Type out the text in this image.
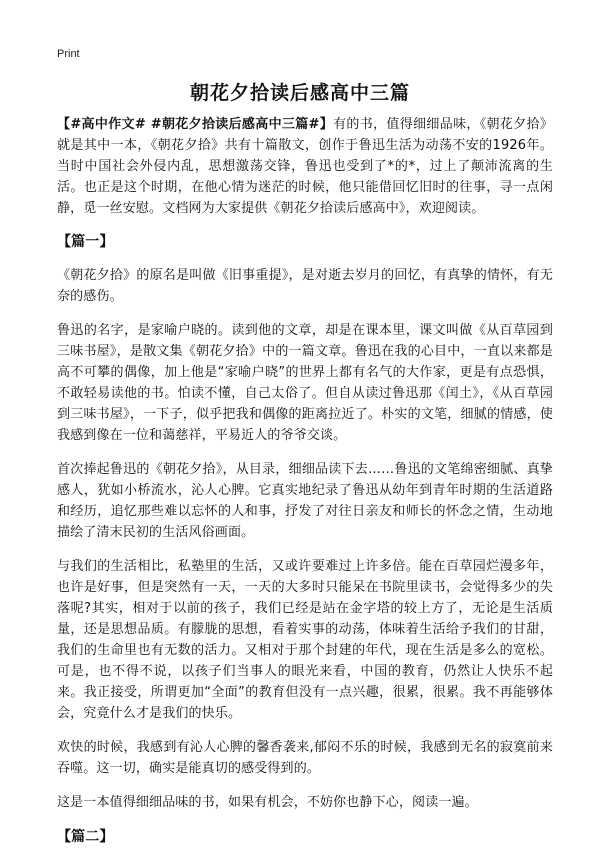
Print
朝花夕拾读后感高中三篇

【#高中作文# #朝花夕拾读后感高中三篇#】有的书，值得细细品味，《朝花夕拾》就是其中一本，《朝花夕拾》共有十篇散文，创作于鲁迅生活为动荡不安的1926年。当时中国社会外侵内乱，思想激荡交锋，鲁迅也受到了*的*，过上了颠沛流离的生活。也正是这个时期，在他心情为迷茫的时候，他只能借回忆旧时的往事，寻一点闲静，觅一丝安慰。文档网为大家提供《朝花夕拾读后感高中》，欢迎阅读。

【篇一】

《朝花夕拾》的原名是叫做《旧事重提》，是对逝去岁月的回忆，有真挚的情怀，有无奈的感伤。

鲁迅的名字，是家喻户晓的。读到他的文章，却是在课本里，课文叫做《从百草园到三味书屋》，是散文集《朝花夕拾》中的一篇文章。鲁迅在我的心目中，一直以来都是高不可攀的偶像，加上他是“家喻户晓”的世界上都有名气的大作家，更是有点恐惧，不敢轻易读他的书。怕读不懂，自己太俗了。但自从读过鲁迅那《闰土》，《从百草园到三味书屋》，一下子，似乎把我和偶像的距离拉近了。朴实的文笔，细腻的情感，使我感到像在一位和蔼慈祥，平易近人的爷爷交谈。

首次捧起鲁迅的《朝花夕拾》，从目录，细细品读下去……鲁迅的文笔绵密细腻、真挚感人，犹如小桥流水，沁人心脾。它真实地纪录了鲁迅从幼年到青年时期的生活道路和经历，追忆那些难以忘怀的人和事，抒发了对往日亲友和师长的怀念之情，生动地描绘了清末民初的生活风俗画面。

与我们的生活相比，私塾里的生活，又或许要难过上许多倍。能在百草园烂漫多年，也许是好事，但是突然有一天，一天的大多时只能呆在书院里读书，会觉得多少的失落呢?其实，相对于以前的孩子，我们已经是站在金字塔的较上方了，无论是生活质量，还是思想品质。有朦胧的思想，看着实事的动荡，体味着生活给予我们的甘甜，我们的生命里也有无数的活力。又相对于那个封建的年代，现在生活是多么的宽松。可是，也不得不说，以孩子们当事人的眼光来看，中国的教育，仍然让人快乐不起来。我正接受，所谓更加“全面”的教育但没有一点兴趣，很累，很累。我不再能够体会，究竟什么才是我们的快乐。

欢快的时候，我感到有沁人心脾的馨香袭来,郁闷不乐的时候，我感到无名的寂寞前来吞噬。这一切，确实是能真切的感受得到的。

这是一本值得细细品味的书，如果有机会，不妨你也静下心，阅读一遍。

【篇二】
